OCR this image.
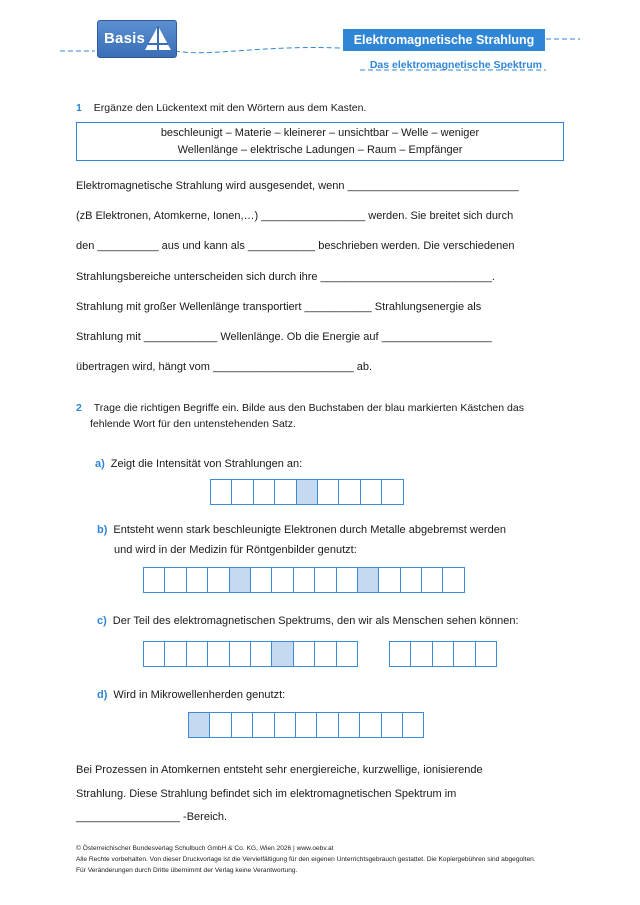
Basis	Elektromagnetische Strahlung
Das elektromagnetische Spektrum
1 Ergänze den Lückentext mit den Wörtern aus dem Kasten.
beschleunigt – Materie – kleinerer – unsichtbar – Welle – weniger
Wellenlänge – elektrische Ladungen – Raum – Empfänger
Elektromagnetische Strahlung wird ausgesendet, wenn ____________________________
(zB Elektronen, Atomkerne, Ionen,…) _________________ werden. Sie breitet sich durch
den __________ aus und kann als ___________ beschrieben werden. Die verschiedenen
Strahlungsbereiche unterscheiden sich durch ihre ____________________________.
Strahlung mit großer Wellenlänge transportiert ___________ Strahlungsenergie als
Strahlung mit ____________ Wellenlänge. Ob die Energie auf __________________
übertragen wird, hängt vom _______________________ ab.
2 Trage die richtigen Begriffe ein. Bilde aus den Buchstaben der blau markierten Kästchen das
fehlende Wort für den untenstehenden Satz.
a) Zeigt die Intensität von Strahlungen an:
b) Entsteht wenn stark beschleunigte Elektronen durch Metalle abgebremst werden
und wird in der Medizin für Röntgenbilder genutzt:
c) Der Teil des elektromagnetischen Spektrums, den wir als Menschen sehen können:
d) Wird in Mikrowellenherden genutzt:
Bei Prozessen in Atomkernen entsteht sehr energiereiche, kurzwellige, ionisierende
Strahlung. Diese Strahlung befindet sich im elektromagnetischen Spektrum im
_________________ -Bereich.
© Österreichischer Bundesverlag Schulbuch GmbH & Co. KG, Wien 2026 | www.oebv.at
Alle Rechte vorbehalten. Von dieser Druckvorlage ist die Vervielfältigung für den eigenen Unterrichtsgebrauch gestattet. Die Kopiergebühren sind abgegolten.
Für Veränderungen durch Dritte übernimmt der Verlag keine Verantwortung.
